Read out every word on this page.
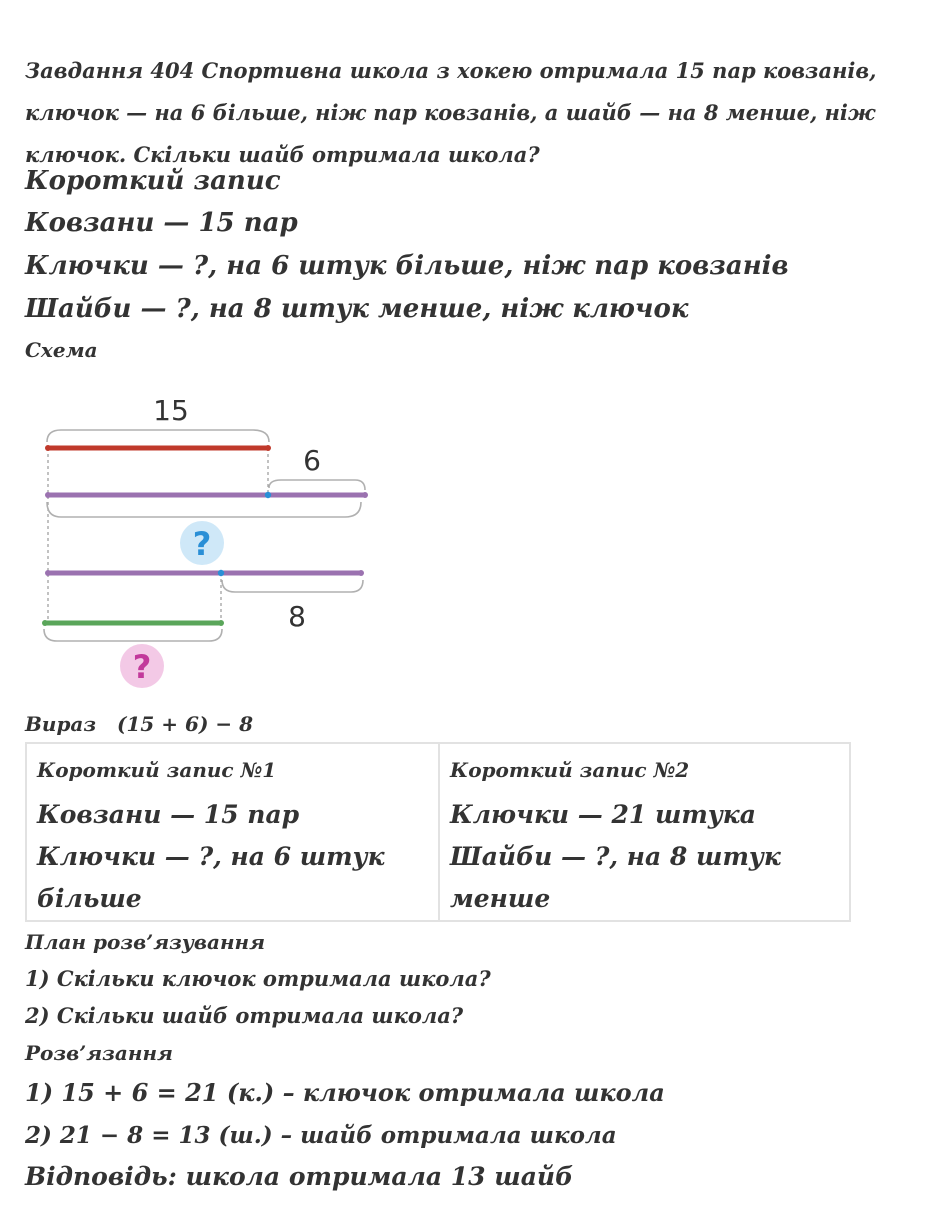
Завдання 404 Спортивна школа з хокею отримала 15 пар ковзанів, ключок — на 6 більше, ніж пар ковзанів, а шайб — на 8 менше, ніж ключок. Скільки шайб отримала школа?
Короткий запис
Ковзани — 15 пар
Ключки — ?, на 6 штук більше, ніж пар ковзанів
Шайби — ?, на 8 штук менше, ніж ключок
Схема
15
6
?
8
?
Вираз (15 + 6) − 8
Короткий запис №1
Ковзани — 15 пар
Ключки — ?, на 6 штук
більше
Короткий запис №2
Ключки — 21 штука
Шайби — ?, на 8 штук
менше
План розв’язування
1) Скільки ключок отримала школа?
2) Скільки шайб отримала школа?
Розв’язання
1) 15 + 6 = 21 (к.) – ключок отримала школа
2) 21 − 8 = 13 (ш.) – шайб отримала школа
Відповідь: школа отримала 13 шайб
